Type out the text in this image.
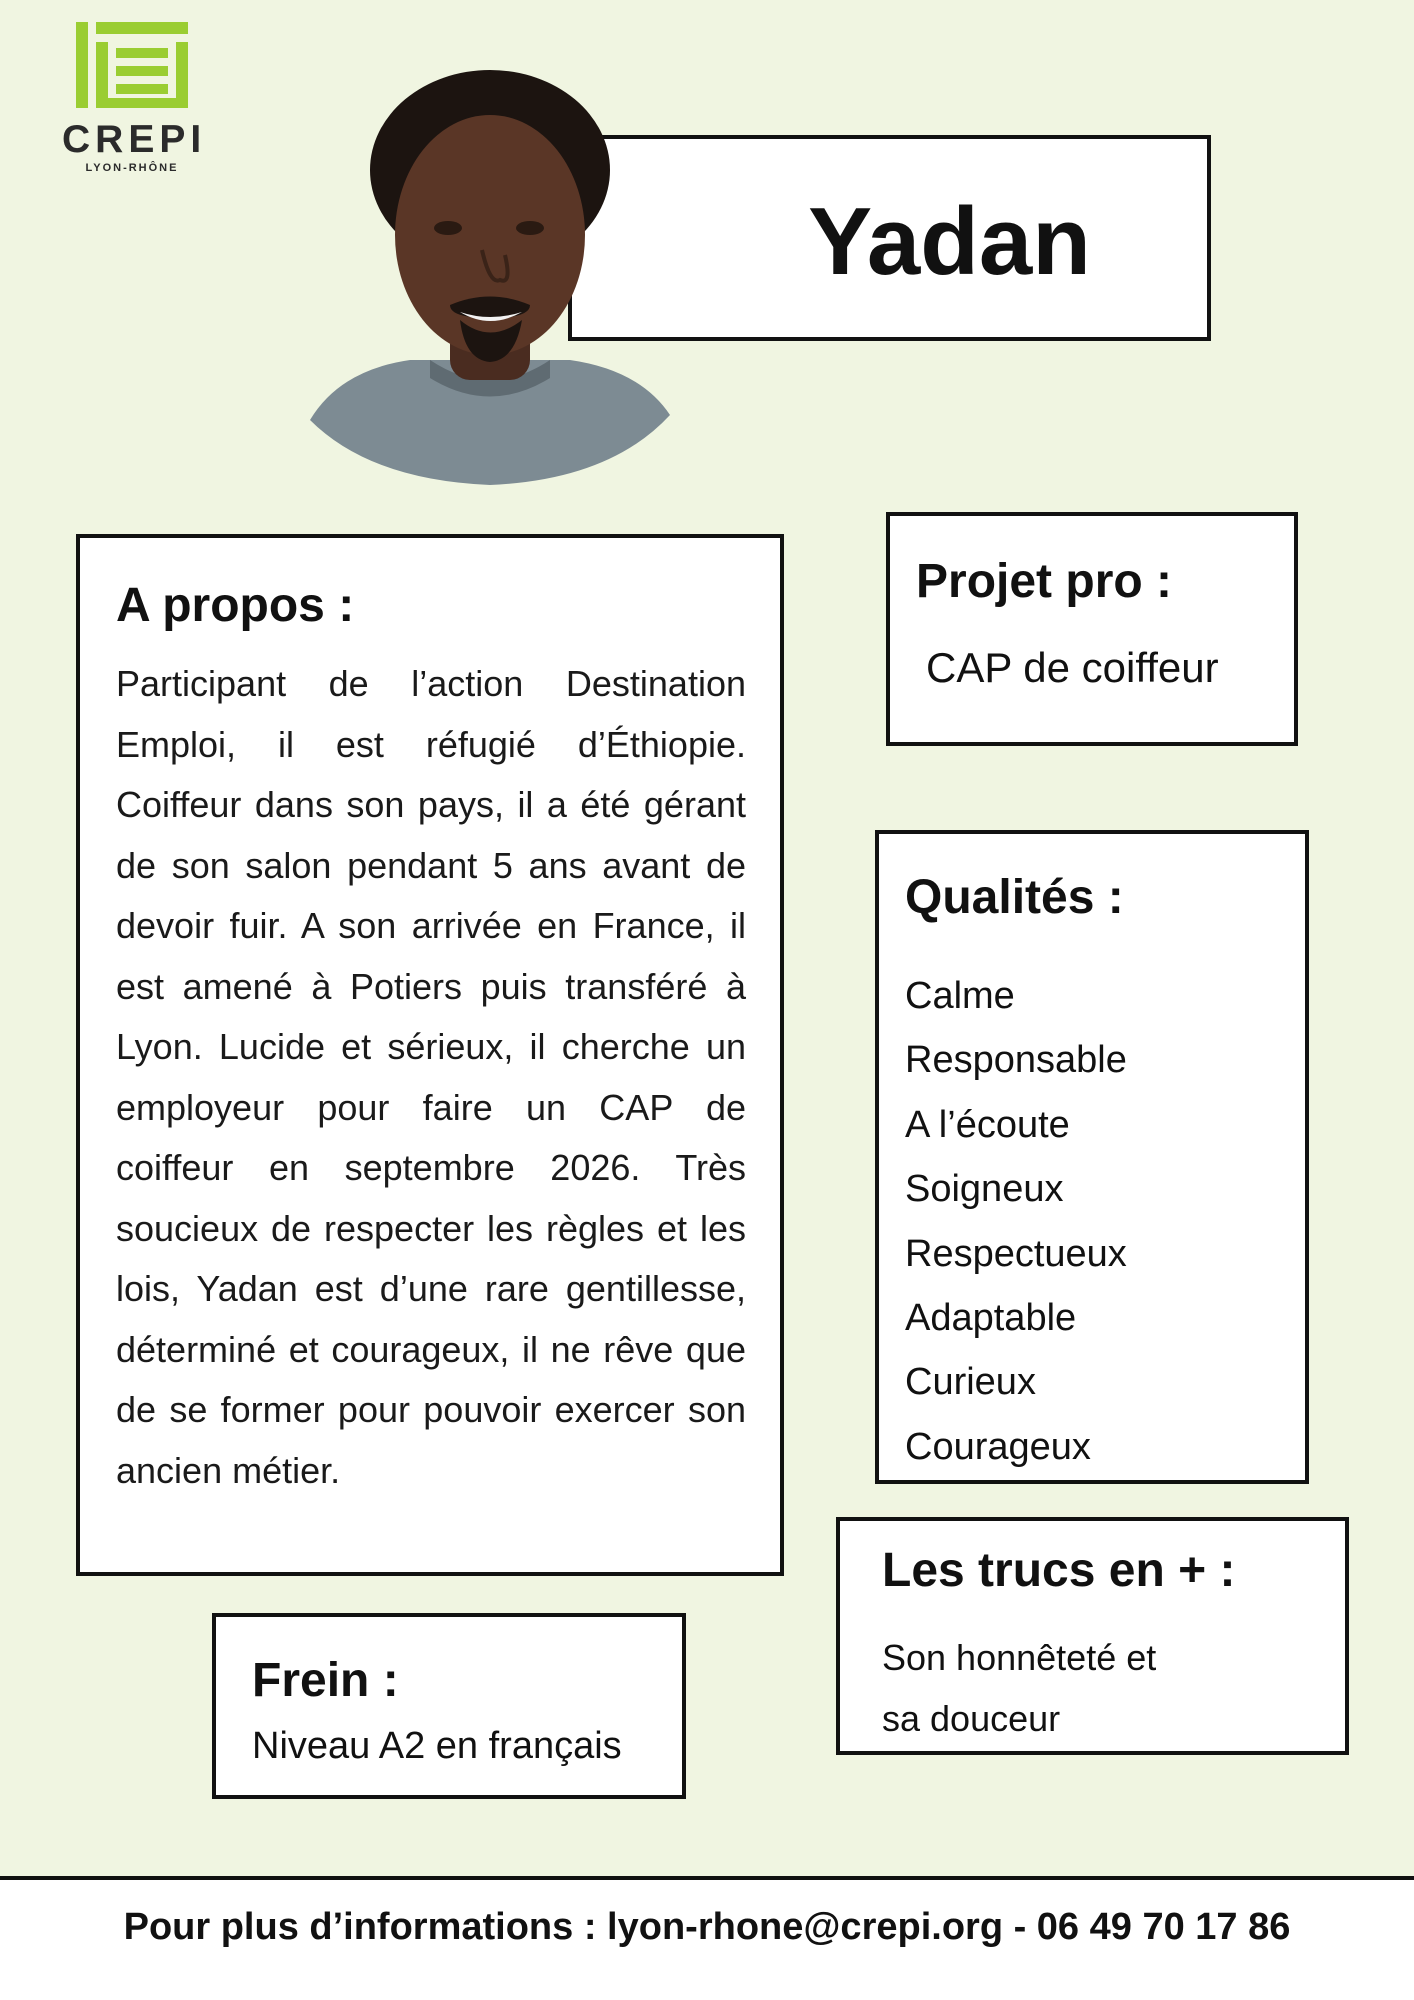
CREPI
LYON-RHÔNE
Yadan
A propos :
Participant de l’action Destination Emploi, il est réfugié d’Éthiopie. Coiffeur dans son pays, il a été gérant de son salon pendant 5 ans avant de devoir fuir. A son arrivée en France, il est amené à Potiers puis transféré à Lyon. Lucide et sérieux, il cherche un employeur pour faire un CAP de coiffeur en septembre 2026. Très soucieux de respecter les règles et les lois, Yadan est d’une rare gentillesse, déterminé et courageux, il ne rêve que de se former pour pouvoir exercer son ancien métier.
Projet pro :
CAP de coiffeur
Qualités :
Calme
Responsable
A l’écoute
Soigneux
Respectueux
Adaptable
Curieux
Courageux
Frein :
Niveau A2 en français
Les trucs en + :
Son honnêteté et
sa douceur
Pour plus d’informations : lyon-rhone@crepi.org - 06 49 70 17 86
